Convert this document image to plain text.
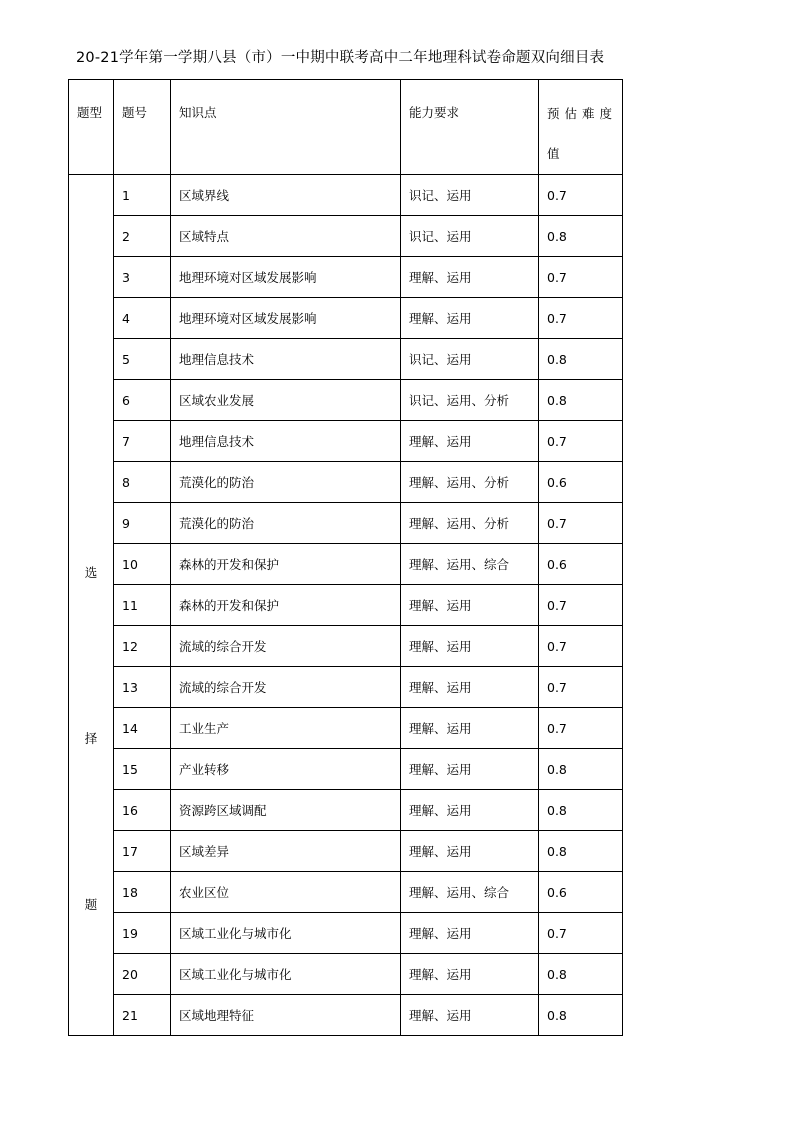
20-21学年第一学期八县（市）一中期中联考高中二年地理科试卷命题双向细目表
题型	题号	知识点	能力要求	预估难度值

选
择
题	1	区域界线	识记、运用	0.7
	2	区域特点	识记、运用	0.8
	3	地理环境对区域发展影响	理解、运用	0.7
	4	地理环境对区域发展影响	理解、运用	0.7
	5	地理信息技术	识记、运用	0.8
	6	区域农业发展	识记、运用、分析	0.8
	7	地理信息技术	理解、运用	0.7
	8	荒漠化的防治	理解、运用、分析	0.6
	9	荒漠化的防治	理解、运用、分析	0.7
	10	森林的开发和保护	理解、运用、综合	0.6
	11	森林的开发和保护	理解、运用	0.7
	12	流域的综合开发	理解、运用	0.7
	13	流域的综合开发	理解、运用	0.7
	14	工业生产	理解、运用	0.7
	15	产业转移	理解、运用	0.8
	16	资源跨区域调配	理解、运用	0.8
	17	区域差异	理解、运用	0.8
	18	农业区位	理解、运用、综合	0.6
	19	区域工业化与城市化	理解、运用	0.7
	20	区域工业化与城市化	理解、运用	0.8
	21	区域地理特征	理解、运用	0.8
